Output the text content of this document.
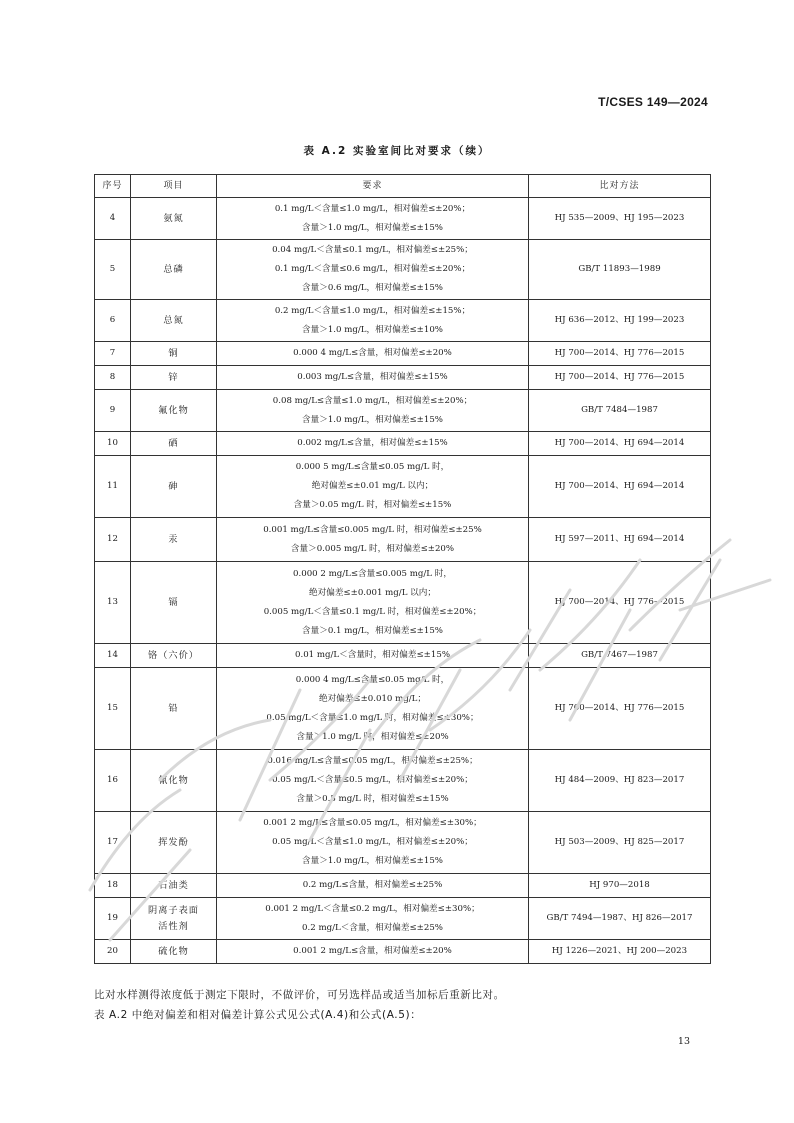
T/CSES 149—2024
表 A.2 实验室间比对要求（续）
序号	项目	要求	比对方法
4	氨氮	0.1 mg/L＜含量≤1.0 mg/L，相对偏差≤±20%；
含量＞1.0 mg/L，相对偏差≤±15%	HJ 535—2009、HJ 195—2023
5	总磷	0.04 mg/L＜含量≤0.1 mg/L，相对偏差≤±25%；
0.1 mg/L＜含量≤0.6 mg/L，相对偏差≤±20%；
含量＞0.6 mg/L，相对偏差≤±15%	GB/T 11893—1989
6	总氮	0.2 mg/L＜含量≤1.0 mg/L，相对偏差≤±15%；
含量＞1.0 mg/L，相对偏差≤±10%	HJ 636—2012、HJ 199—2023
7	铜	0.000 4 mg/L≤含量，相对偏差≤±20%	HJ 700—2014、HJ 776—2015
8	锌	0.003 mg/L≤含量，相对偏差≤±15%	HJ 700—2014、HJ 776—2015
9	氟化物	0.08 mg/L≤含量≤1.0 mg/L，相对偏差≤±20%；
含量＞1.0 mg/L，相对偏差≤±15%	GB/T 7484—1987
10	硒	0.002 mg/L≤含量，相对偏差≤±15%	HJ 700—2014、HJ 694—2014
11	砷	0.000 5 mg/L≤含量≤0.05 mg/L 时，
绝对偏差≤±0.01 mg/L 以内；
含量＞0.05 mg/L 时，相对偏差≤±15%	HJ 700—2014、HJ 694—2014
12	汞	0.001 mg/L≤含量≤0.005 mg/L 时，相对偏差≤±25%
含量＞0.005 mg/L 时，相对偏差≤±20%	HJ 597—2011、HJ 694—2014
13	镉	0.000 2 mg/L≤含量≤0.005 mg/L 时，
绝对偏差≤±0.001 mg/L 以内；
0.005 mg/L＜含量≤0.1 mg/L 时，相对偏差≤±20%；
含量＞0.1 mg/L，相对偏差≤±15%	HJ 700—2014、HJ 776—2015
14	铬（六价）	0.01 mg/L＜含量时，相对偏差≤±15%	GB/T 7467—1987
15	铅	0.000 4 mg/L≤含量≤0.05 mg/L 时，
绝对偏差≤±0.010 mg/L；
0.05 mg/L＜含量≤1.0 mg/L 时，相对偏差≤±30%；
含量＞1.0 mg/L 时，相对偏差≤±20%	HJ 700—2014、HJ 776—2015
16	氰化物	0.016 mg/L≤含量≤0.05 mg/L，相对偏差≤±25%；
0.05 mg/L＜含量≤0.5 mg/L，相对偏差≤±20%；
含量＞0.5 mg/L 时，相对偏差≤±15%	HJ 484—2009、HJ 823—2017
17	挥发酚	0.001 2 mg/L≤含量≤0.05 mg/L，相对偏差≤±30%；
0.05 mg/L＜含量≤1.0 mg/L，相对偏差≤±20%；
含量＞1.0 mg/L，相对偏差≤±15%	HJ 503—2009、HJ 825—2017
18	石油类	0.2 mg/L≤含量，相对偏差≤±25%	HJ 970—2018
19	阴离子表面
活性剂	0.001 2 mg/L＜含量≤0.2 mg/L，相对偏差≤±30%；
0.2 mg/L＜含量，相对偏差≤±25%	GB/T 7494—1987、HJ 826—2017
20	硫化物	0.001 2 mg/L≤含量，相对偏差≤±20%	HJ 1226—2021、HJ 200—2023
比对水样测得浓度低于测定下限时，不做评价，可另选样品或适当加标后重新比对。
表 A.2 中绝对偏差和相对偏差计算公式见公式(A.4)和公式(A.5)：
13
